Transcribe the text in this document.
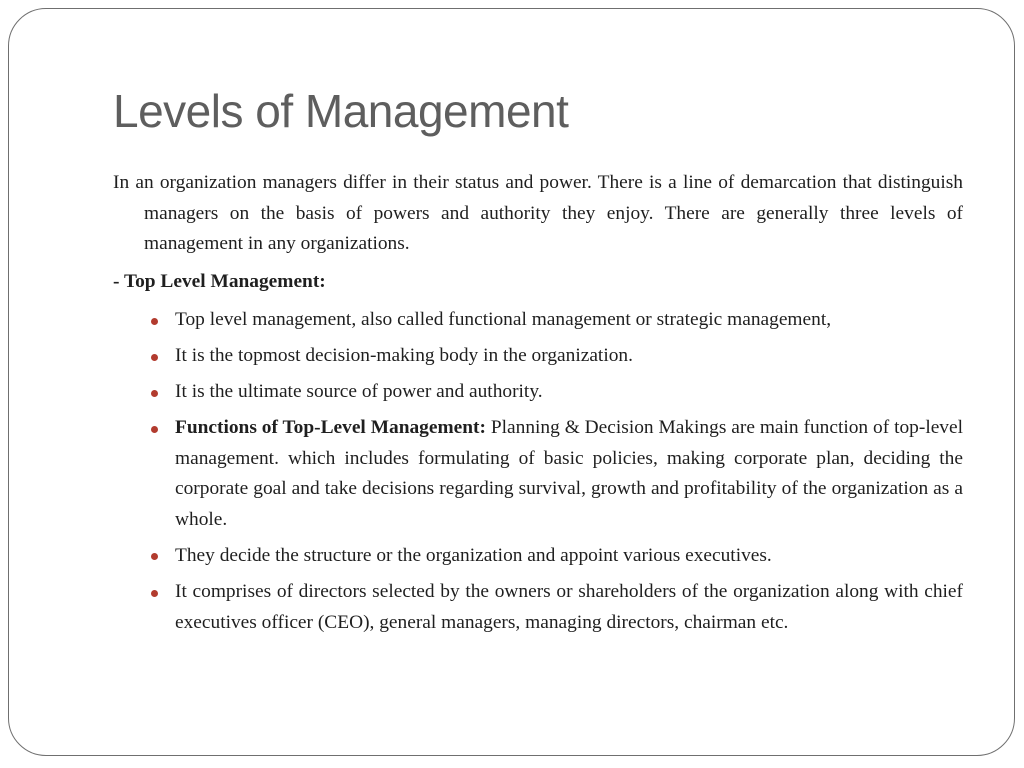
Levels of Management

In an organization managers differ in their status and power. There is a line of demarcation that distinguish managers on the basis of powers and authority they enjoy. There are generally three levels of management in any organizations.

- Top Level Management:

Top level management, also called functional management or strategic management,
It is the topmost decision-making body in the organization.
It is the ultimate source of power and authority.
Functions of Top-Level Management: Planning & Decision Makings are main function of top-level management. which includes formulating of basic policies, making corporate plan, deciding the corporate goal and take decisions regarding survival, growth and profitability of the organization as a whole.
They decide the structure or the organization and appoint various executives.
It comprises of directors selected by the owners or shareholders of the organization along with chief executives officer (CEO), general managers, managing directors, chairman etc.
